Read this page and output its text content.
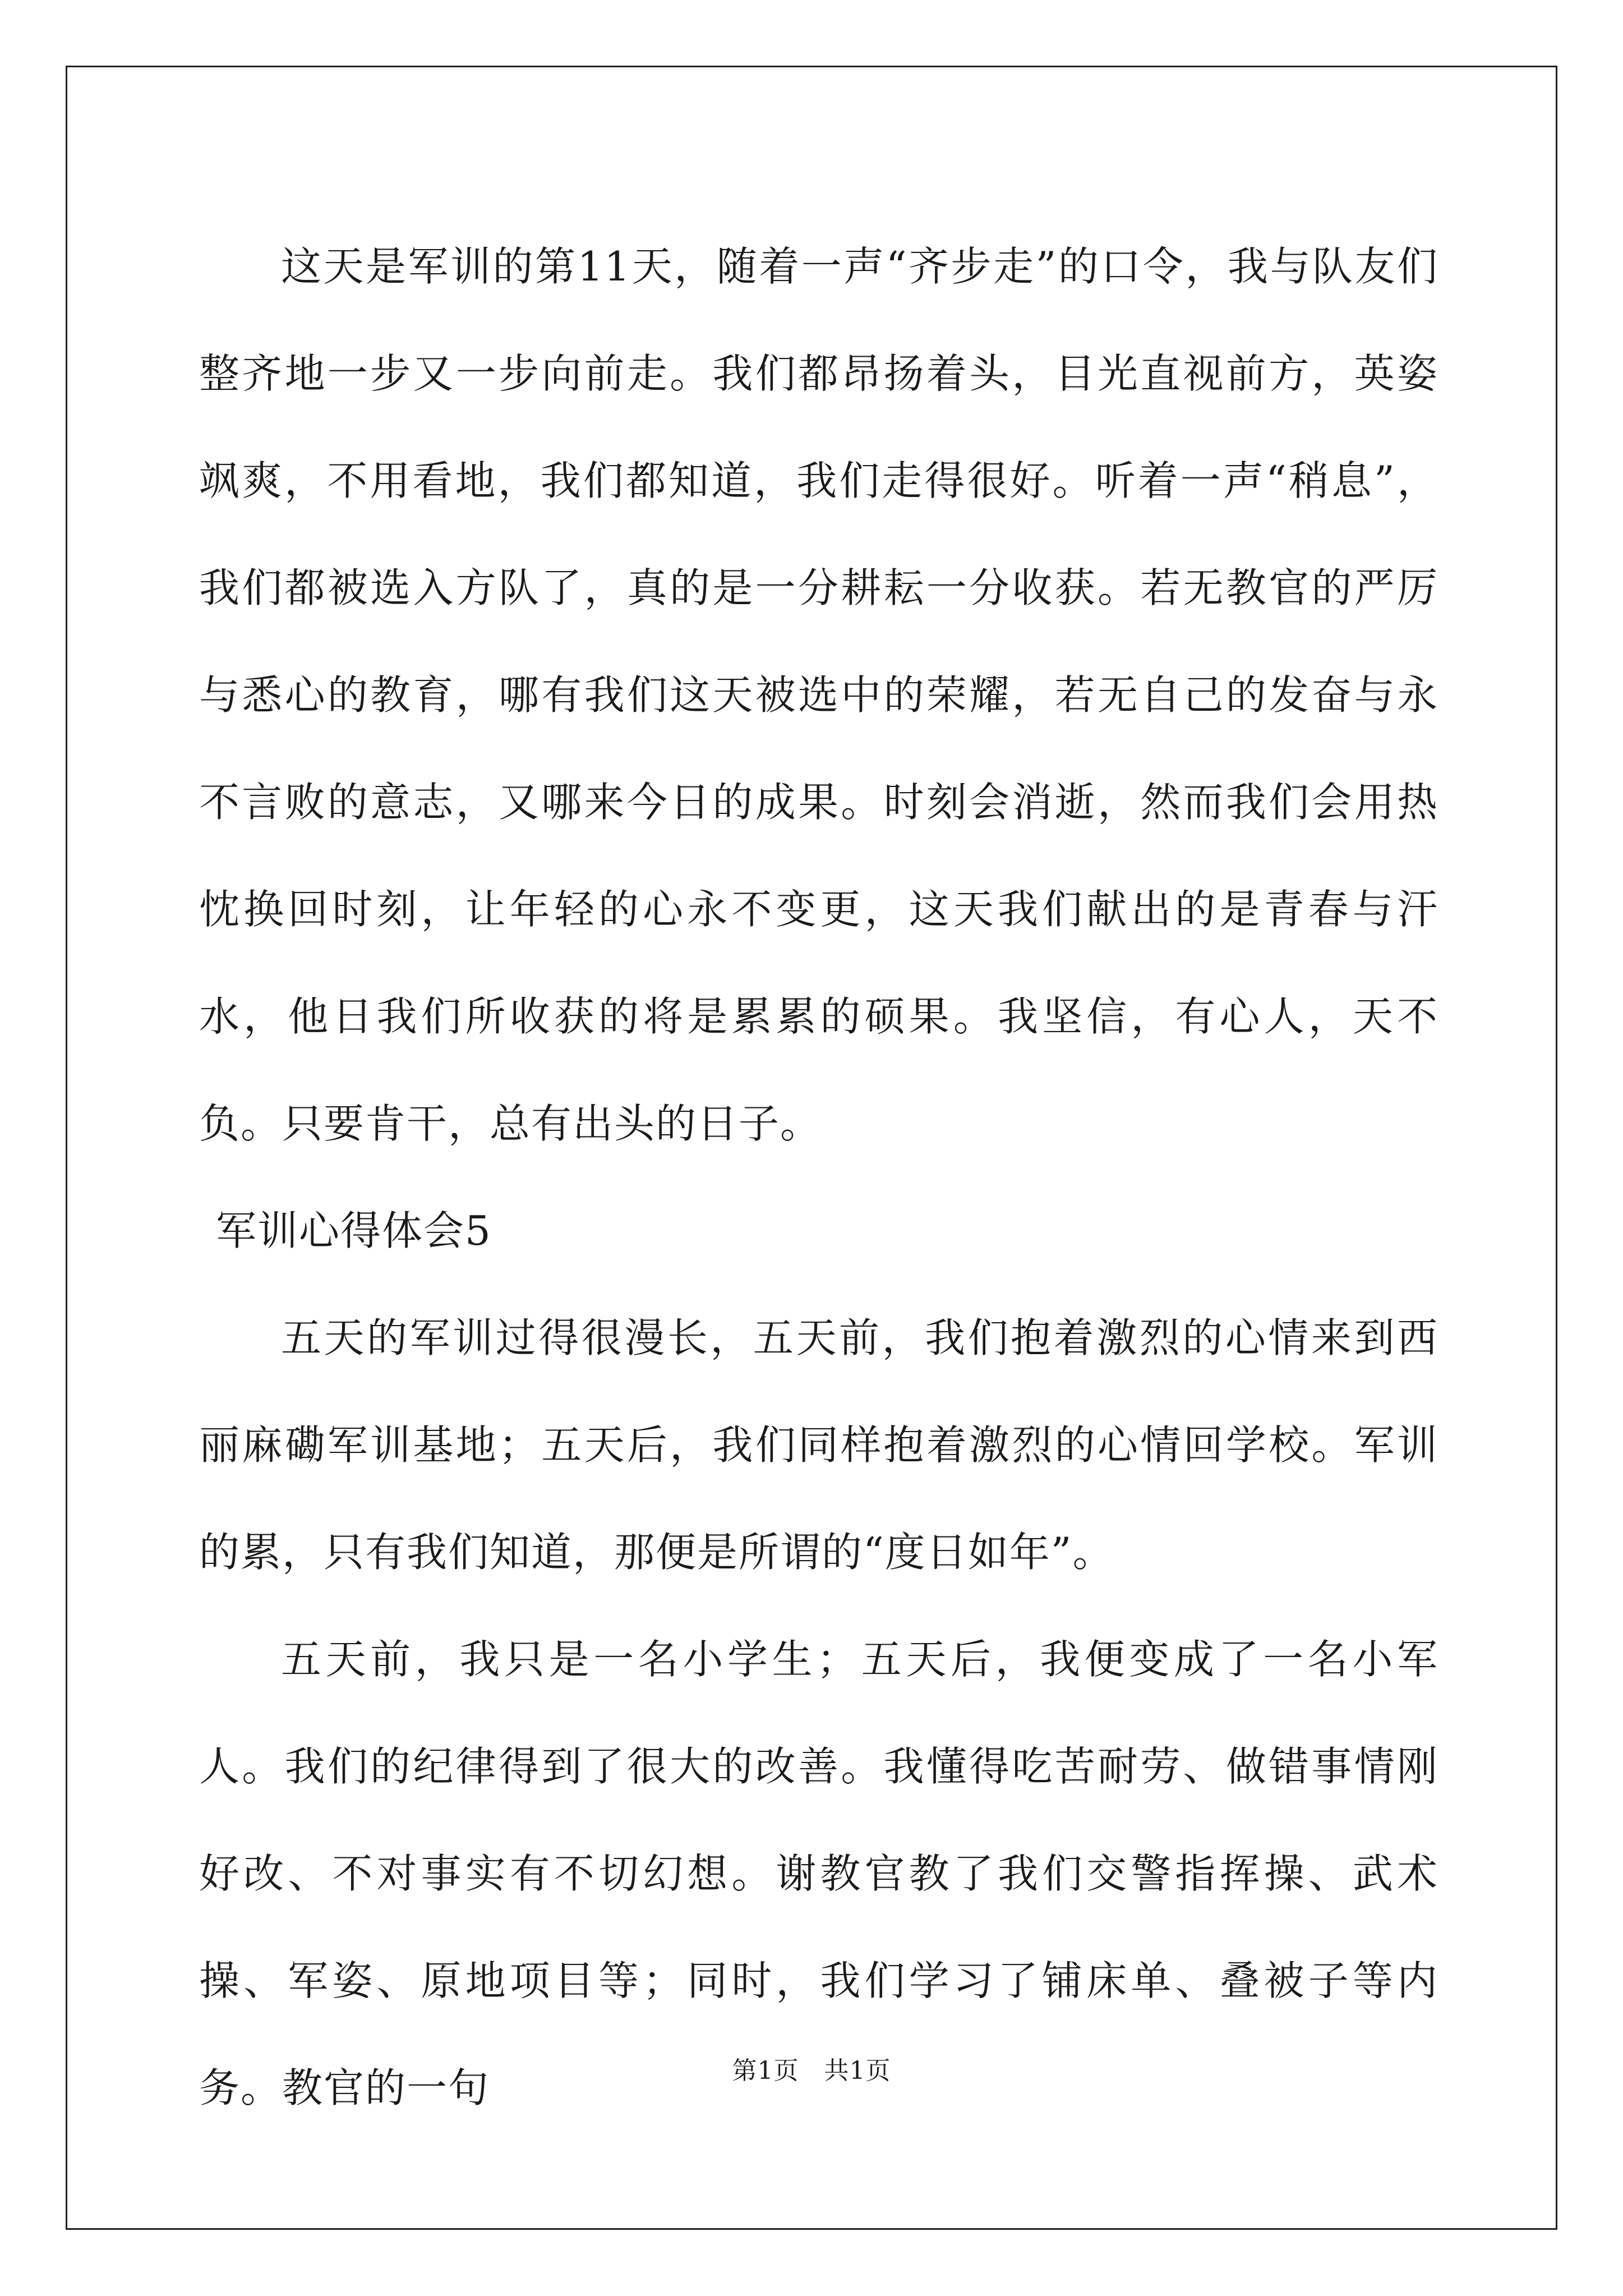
这天是军训的第11天，随着一声“齐步走”的口令，我与队友们整齐地一步又一步向前走。我们都昂扬着头，目光直视前方，英姿飒爽，不用看地，我们都知道，我们走得很好。听着一声“稍息”，我们都被选入方队了，真的是一分耕耘一分收获。若无教官的严厉与悉心的教育，哪有我们这天被选中的荣耀，若无自己的发奋与永不言败的意志，又哪来今日的成果。时刻会消逝，然而我们会用热忱换回时刻，让年轻的心永不变更，这天我们献出的是青春与汗水，他日我们所收获的将是累累的硕果。我坚信，有心人，天不负。只要肯干，总有出头的日子。

军训心得体会5

五天的军训过得很漫长，五天前，我们抱着激烈的心情来到西丽麻磡军训基地；五天后，我们同样抱着激烈的心情回学校。军训的累，只有我们知道，那便是所谓的“度日如年”。

五天前，我只是一名小学生；五天后，我便变成了一名小军人。我们的纪律得到了很大的改善。我懂得吃苦耐劳、做错事情刚好改、不对事实有不切幻想。谢教官教了我们交警指挥操、武术操、军姿、原地项目等；同时，我们学习了铺床单、叠被子等内务。教官的一句	第1页 共1页
